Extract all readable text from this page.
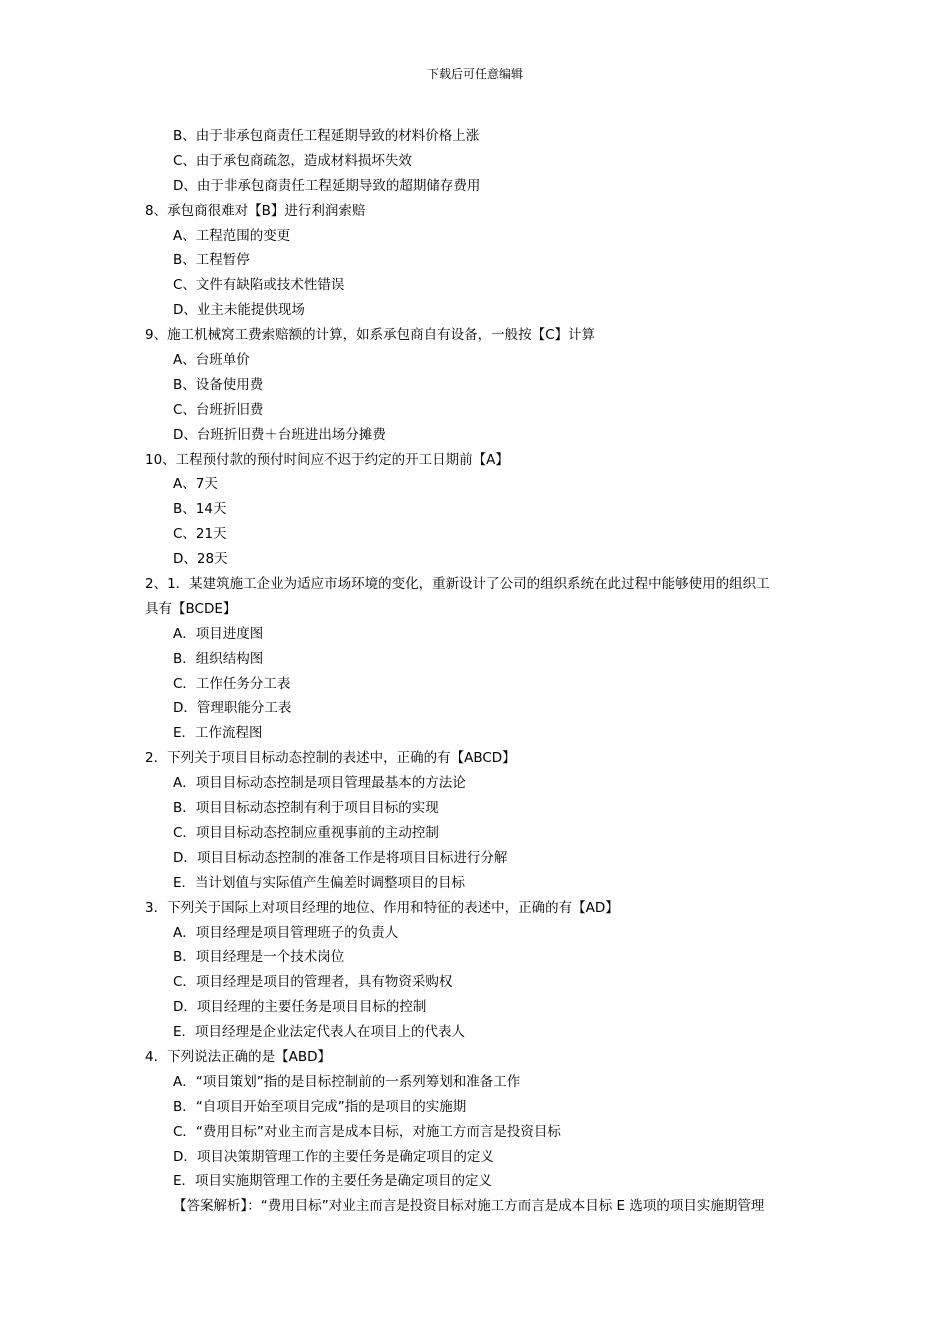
下载后可任意编辑
B、由于非承包商责任工程延期导致的材料价格上涨
C、由于承包商疏忽，造成材料损坏失效
D、由于非承包商责任工程延期导致的超期储存费用
8、承包商很难对【B】进行利润索赔
A、工程范围的变更
B、工程暂停
C、文件有缺陷或技术性错误
D、业主未能提供现场
9、施工机械窝工费索赔额的计算，如系承包商自有设备，一般按【C】计算
A、台班单价
B、设备使用费
C、台班折旧费
D、台班折旧费＋台班进出场分摊费
10、工程预付款的预付时间应不迟于约定的开工日期前【A】
A、7天
B、14天
C、21天
D、28天
2、1．某建筑施工企业为适应市场环境的变化，重新设计了公司的组织系统在此过程中能够使用的组织工
具有【BCDE】
A．项目进度图
B．组织结构图
C．工作任务分工表
D．管理职能分工表
E．工作流程图
2．下列关于项目目标动态控制的表述中，正确的有【ABCD】
A．项目目标动态控制是项目管理最基本的方法论
B．项目目标动态控制有利于项目目标的实现
C．项目目标动态控制应重视事前的主动控制
D．项目目标动态控制的准备工作是将项目目标进行分解
E．当计划值与实际值产生偏差时调整项目的目标
3．下列关于国际上对项目经理的地位、作用和特征的表述中，正确的有【AD】
A．项目经理是项目管理班子的负责人
B．项目经理是一个技术岗位
C．项目经理是项目的管理者，具有物资采购权
D．项目经理的主要任务是项目目标的控制
E．项目经理是企业法定代表人在项目上的代表人
4．下列说法正确的是【ABD】
A．“项目策划”指的是目标控制前的一系列筹划和准备工作
B．“自项目开始至项目完成”指的是项目的实施期
C．“费用目标”对业主而言是成本目标，对施工方而言是投资目标
D．项目决策期管理工作的主要任务是确定项目的定义
E．项目实施期管理工作的主要任务是确定项目的定义
【答案解析】：“费用目标”对业主而言是投资目标对施工方而言是成本目标 E 选项的项目实施期管理
